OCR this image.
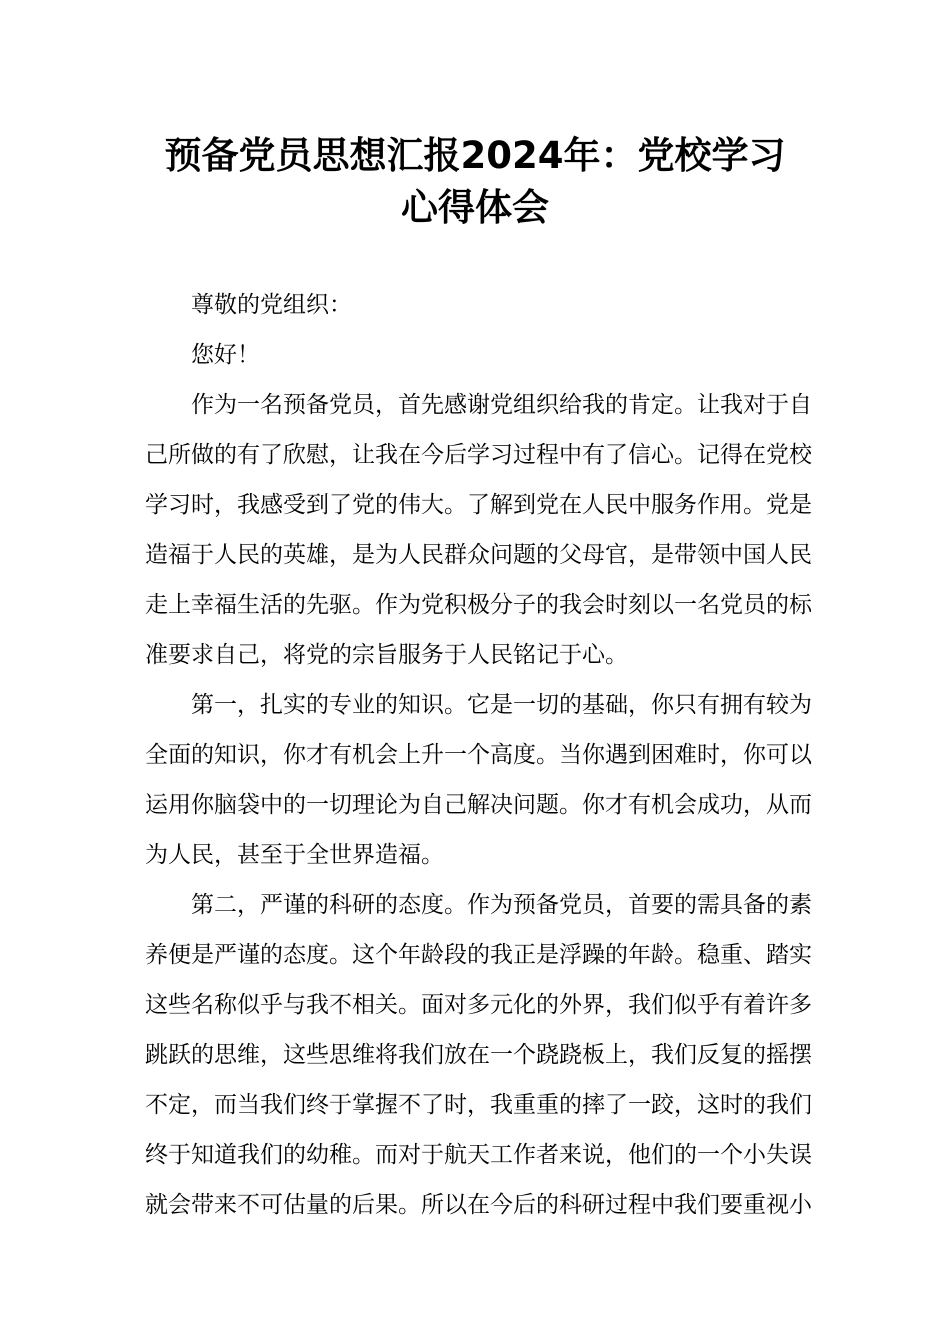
预备党员思想汇报2024年：党校学习
心得体会

尊敬的党组织：

您好！

作为一名预备党员，首先感谢党组织给我的肯定。让我对于自
己所做的有了欣慰，让我在今后学习过程中有了信心。记得在党校
学习时，我感受到了党的伟大。了解到党在人民中服务作用。党是
造福于人民的英雄，是为人民群众问题的父母官，是带领中国人民
走上幸福生活的先驱。作为党积极分子的我会时刻以一名党员的标
准要求自己，将党的宗旨服务于人民铭记于心。

第一，扎实的专业的知识。它是一切的基础，你只有拥有较为
全面的知识，你才有机会上升一个高度。当你遇到困难时，你可以
运用你脑袋中的一切理论为自己解决问题。你才有机会成功，从而
为人民，甚至于全世界造福。

第二，严谨的科研的态度。作为预备党员，首要的需具备的素
养便是严谨的态度。这个年龄段的我正是浮躁的年龄。稳重、踏实
这些名称似乎与我不相关。面对多元化的外界，我们似乎有着许多
跳跃的思维，这些思维将我们放在一个跷跷板上，我们反复的摇摆
不定，而当我们终于掌握不了时，我重重的摔了一跤，这时的我们
终于知道我们的幼稚。而对于航天工作者来说，他们的一个小失误
就会带来不可估量的后果。所以在今后的科研过程中我们要重视小
